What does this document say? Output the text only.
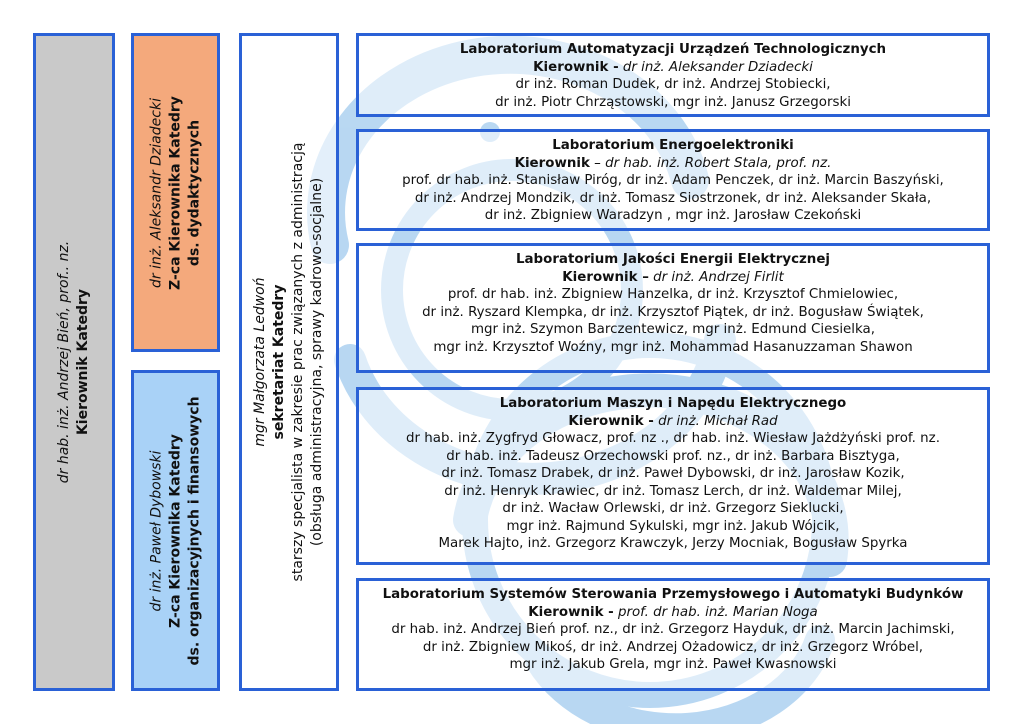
dr hab. inż. Andrzej Bień, prof.. nz. Kierownik Katedry
dr inż. Aleksandr Dziadecki Z-ca Kierownika Katedry ds. dydaktycznych
dr inż. Paweł Dybowski Z-ca Kierownika Katedry ds. organizacyjnych i finansowych
mgr Małgorzata Ledwoń sekretariat Katedry starszy specjalista w zakresie prac związanych z administracją (obsługa administracyjna, sprawy kadrowo-socjalne)
Laboratorium Automatyzacji Urządzeń Technologicznych
Kierownik - dr inż. Aleksander Dziadecki
dr inż. Roman Dudek, dr inż. Andrzej Stobiecki,
dr inż. Piotr Chrząstowski, mgr inż. Janusz Grzegorski
Laboratorium Energoelektroniki
Kierownik – dr hab. inż. Robert Stala, prof. nz.
prof. dr hab. inż. Stanisław Piróg, dr inż. Adam Penczek, dr inż. Marcin Baszyński,
dr inż. Andrzej Mondzik, dr inż. Tomasz Siostrzonek, dr inż. Aleksander Skała,
dr inż. Zbigniew Waradzyn , mgr inż. Jarosław Czekoński
Laboratorium Jakości Energii Elektrycznej
Kierownik – dr inż. Andrzej Firlit
prof. dr hab. inż. Zbigniew Hanzelka, dr inż. Krzysztof Chmielowiec,
dr inż. Ryszard Klempka, dr inż. Krzysztof Piątek, dr inż. Bogusław Świątek,
mgr inż. Szymon Barczentewicz, mgr inż. Edmund Ciesielka,
mgr inż. Krzysztof Woźny, mgr inż. Mohammad Hasanuzzaman Shawon
Laboratorium Maszyn i Napędu Elektrycznego
Kierownik - dr inż. Michał Rad
dr hab. inż. Zygfryd Głowacz, prof. nz ., dr hab. inż. Wiesław Jażdżyński prof. nz.
dr hab. inż. Tadeusz Orzechowski prof. nz., dr inż. Barbara Bisztyga,
dr inż. Tomasz Drabek, dr inż. Paweł Dybowski, dr inż. Jarosław Kozik,
dr inż. Henryk Krawiec, dr inż. Tomasz Lerch, dr inż. Waldemar Milej,
dr inż. Wacław Orlewski, dr inż. Grzegorz Sieklucki,
mgr inż. Rajmund Sykulski, mgr inż. Jakub Wójcik,
Marek Hajto, inż. Grzegorz Krawczyk, Jerzy Mocniak, Bogusław Spyrka
Laboratorium Systemów Sterowania Przemysłowego i Automatyki Budynków
Kierownik - prof. dr hab. inż. Marian Noga
dr hab. inż. Andrzej Bień prof. nz., dr inż. Grzegorz Hayduk, dr inż. Marcin Jachimski,
dr inż. Zbigniew Mikoś, dr inż. Andrzej Ożadowicz, dr inż. Grzegorz Wróbel,
mgr inż. Jakub Grela, mgr inż. Paweł Kwasnowski
